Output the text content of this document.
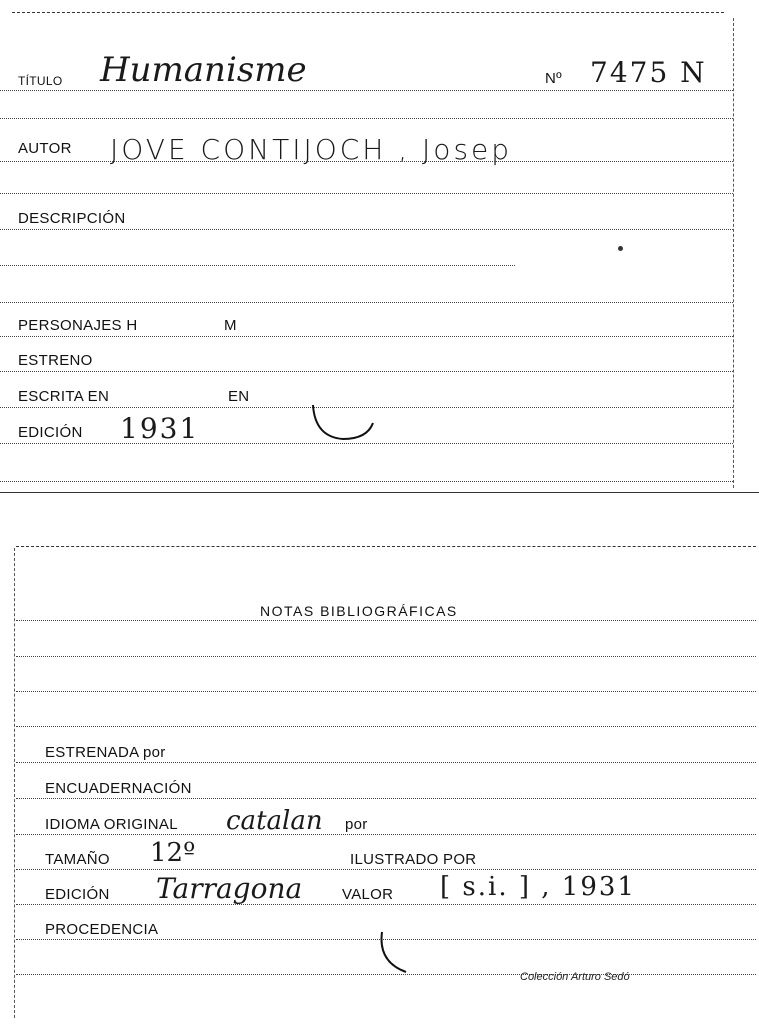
TÍTULO Humanisme	Nº 7475 N
AUTOR JOVE CONTIJOCH , Josep
DESCRIPCIÓN
PERSONAJES H	M
ESTRENO
ESCRITA EN	EN
EDICIÓN 1931
NOTAS BIBLIOGRÁFICAS
ESTRENADA por
ENCUADERNACIÓN
IDIOMA ORIGINAL catalan por
TAMAÑO 12º	ILUSTRADO POR
EDICIÓN Tarragona	VALOR [ s.i. ] , 1931
PROCEDENCIA
Colección Arturo Sedó
